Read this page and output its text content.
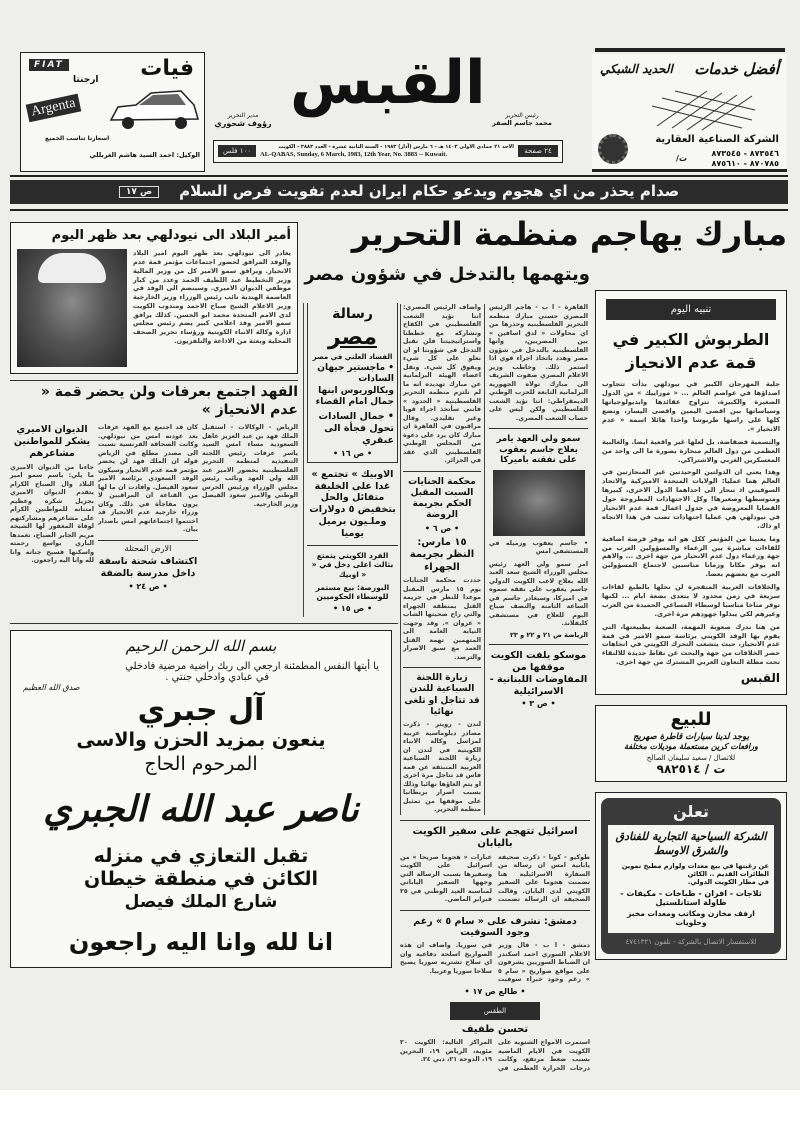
أفضل خدمات
الحديد الشبكي
الشركة الصناعية العقارية
٨٧٣٥٤٦ - ٨٧٣٥٤٥
٨٧٠٧٨٥ - ٨٧٥٦١٠
ت/
القبس	رئيس التحرير
محمد جاسم الصقر
مدير التحرير
رؤوف شحوري
١٠٠ فلس
الاحد ٢١ جمادى الاولى ١٤٠٣ هـ - ٦ مارس (آذار) ١٩٨٣ - السنة الثانية عشرة - العدد ٣٨٨٣ - الكويت
AL-QABAS, Sunday, 6 March, 1983, 12th Year, No. 3883 -- Kuwait.	٢٤ صفحة
فيات
FIAT
ارجنتا
Argenta
اسعارنا تناسب الجميع
الوكيل: احمد السيد هاشم الغربللي
صدام يحذر من اي هجوم ويدعو حكام ايران لعدم تفويت فرص السلام
ص ١٧
مبارك يهاجم منظمة التحرير
ويتهمها بالتدخل في شؤون مصر
أمير البلاد الى نيودلهي بعد ظهر اليوم
يغادر الى نيودلهي بعد ظهر اليوم امير البلاد والوفد المرافق لحضور اجتماعات مؤتمر قمة عدم الانحياز. ويرافق سمو الامير كل من وزير المالية وزير التخطيط عبد اللطيف الحمد وعدد من كبار موظفي الديوان الاميري. وسينضم الى الوفد في العاصمة الهندية نائب رئيس الوزراء وزير الخارجية وزير الاعلام الشيخ صباح الاحمد ومندوب الكويت لدى الامم المتحدة محمد ابو الحسن. كذلك يرافق سمو الامير وفد اعلامي كبير يضم رئيس مجلس ادارة وكالة الانباء الكويتية ورؤساء تحرير الصحف المحلية وبعثة من الاذاعة والتلفزيون.
الفهد اجتمع بعرفات ولن يحضر قمة « عدم الانحياز »
الرياض - الوكالات - استقبل الملك فهد بن عبد العزيز عاهل السعودية مساء امس السيد ياسر عرفات رئيس اللجنة التنفيذية لمنظمة التحرير الفلسطينية بحضور الامير عبد الله ولي العهد ونائب رئيس مجلس الوزراء ورئيس الحرس الوطني والامير سعود الفيصل وزير الخارجية.
كان قد اجتمع مع الفهد عرفات بعد عودته امس من نيودلهي. وكانت الصحافة الفرنسية نسبت الى مصدر مطلع في الرياض قوله ان الملك فهد لن يحضر مؤتمر قمة عدم الانحياز وسيكون الوفد السعودي برئاسة الامير سعود الفيصل. وافادت ان ما لها من القناعة ان المراقبين لا يرون مفاجأة في ذلك. وكان وزراء خارجية عدم الانحياز قد اختتموا اجتماعاتهم امس باصدار بيان.
الارض المحتلة
اكتشاف شحنة ناسفة داخل مدرسة بالضفة
• ص ٢٤ •
الديوان الاميري يشكر للمواطنين مشاعرهم
جاءنا من الديوان الاميري ما يلي: باسم سمو امير البلاد وال الصباح الكرام يتقدم الديوان الاميري بجزيل شكره وعظيم امتنانه للمواطنين الكرام على مشاعرهم ومشاركتهم لوفاة المغفور لها الشيخة مريم الجابر الصباح، تغمدها الباري بواسع رحمته واسكنها فسيح جناته وانا لله وانا اليه راجعون.
رسالة
مصر
الفساد العلني في مصر
• ماجستير جيهان السادات وبكالوريوس ابنها جمال امام القضاء
• جمال السادات تحول فجأة الى عبقري
• ص ١٦ •
« الاوبيك » تجتمع غدا على الخليفة متفائل والحل بتخفيض ٥ دولارات وملـيون برميل يوميا
الفرد الكويتي يتمتع بثالث اعلى دخل في « اوبيك »
البورصة: بيع مستمر للوسطاء الحكوميين
• ص ١٥ •
بسم الله الرحمن الرحيم
يا أيتها النفس المطمئنة ارجعي الى ربك راضية مرضية فادخلي
في عبادي وادخلي جنتي .
صدق الله العظيم
آل جبري
ينعون بمزيد الحزن والاسى
المرحوم الحاج
ناصر عبد الله الجبري
تقبل التعازي في منزله
الكائن في منطقة خيطان
شارع الملك فيصل
انا لله وانا اليه راجعون
القاهرة - ا ب - هاجم الرئيس المصري حسني مبارك منظمة التحرير الفلسطينية وحذرها من اي محاولات « لدق اسافين » بين المصريين، وانها الفلسطينية بالتدخل في شؤون مصر وهدد باتخاذ اجراء قوي اذا استمر ذلك. وخاطب وزير الاعلام المصري صفوت الشريف الى مبارك تولاه الجهورية البرلمانية التابعة للحزب الوطني الديمقراطي: اننا نؤيد الشعب الفلسطيني ولكن ليس على حساب الشعب المصري.
سمو ولي العهد يامر بعلاج جاسم يعقوب على نفقته باميركا
• جاسم يعقوب وزميله في المستشفى امس
امر سمو ولي العهد رئيس مجلس الوزراء الشيخ سعد العبد الله بعلاج لاعب الكويت الدولي جاسم يعقوب على نفقة سموه في اميركا، وسيغادر جاسم في الساعة الثامنة والنصف صباح اليوم للعلاج في مستشفى كليفلاند.
الرياضة ص ٢١ و ٢٢ و ٢٣
موسكو يلفت الكويت موقفها من المفاوضات اللبنانية - الاسرائيلية
• ص ٣ •
واضاف الرئيس المصري: اننا نؤيد الشعب الفلسطيني في الكفاح ونشاركه مع خططنا واستراتيجيتنا فلن نقبل التدخل في شؤوننا او ان نعلو على كل شيء ويفوق كل شيء. ونقل اعضاء الهيئة البرلمانية عن مبارك تهديده انه ما لم تلتزم منظمة التحرير الفلسطينية « الحدود » فانني سأتخذ اجراء قويا وغير تقليدي. وقال مراقبون في القاهرة ان مبارك كان يرد على دعوة من المجلس الوطني الفلسطيني الذي عقد في الجزائر.
محكمة الجنايات السبت المقبل الحكم بجريمة الروضة
• ص ٦ •
١٥ مارس: النظر بجريمة الجهراء
حددت محكمة الجنايات يوم ١٥ مارس المقبل موعدا للنظر في جريمة القتل بمنطقة الجهراء والتي راح ضحيتها الشاب « غزوان ». وقد وجهت النيابة العامة الى المتهمين تهمة القتل العمد مع سبق الاصرار والترصد.
زيارة اللجنة السباعية للندن قد تتاجل او تلغى نهائيا
لندن - رويتر - ذكرت مصادر دبلوماسية عربية لمراسل وكالة الانباء الكويتية في لندن ان زيارة اللجنة السباعية العربية المنبثقة عن قمة فاس قد تتاجل مرة اخرى او يتم الغاؤها نهائيا وذلك بسبب اصرار بريطانيا على موقفها من تمثيل منظمة التحرير.
اسرائيل تتهجم على سفير الكويت باليابان
طوكيو - كونا - ذكرت صحيفة يابانية امس ان رسالة من السفارة الاسرائيلية هنا تضمنت هجوما على السفير الكويتي لدى اليابان. وقالت الصحيفة ان الرسالة تضمنت عبارات « هجوما صريحا » من اسرائيل على الكويت وسفيرها بسبب الرسالة التي وجهها السفير الياباني لمناسبة العيد الوطني في ٢٥ فبراير الماضي.
دمشق: نشرف على « سام ٥ » رغم وجود السوفيت
دمشق - ا ب - قال وزير الاعلام السوري احمد اسكندر ان الضباط السوريين يشرفون على مواقع صواريخ « سام ٥ » رغم وجود خبراء سوفيت في سوريا. واضاف ان هذه الصواريخ اسلحة دفاعية وان اي سلاح تشتريه سوريا يصبح سلاحا سوريا وعربيا.
• طالع ص ١٧ •
الطقس
تحسن طفيف
استمرت الامواج الشتوية على الكويت في الايام الماضية بسبب ضغط مرتفع، وكانت درجات الحرارة العظمى في المراكز التالية: الكويت ٢٠ مئوية، الرياض ١٩، البحرين ١٩، الدوحة ٢١، دبي ٢٤.
تنبيه اليوم
الطربوش الكبير في قمة عدم الانحياز

جلبة المهرجان الكبير في نيودلهي بدأت تتجاوب اصداؤها في عواصم العالم ... « موزاييك » من الدول الصغيرة والكبيرة، تتراوح عقائدها وايديولوجياتها وسياساتها بين اقصى اليمين واقصى اليسار، وتضع كلها على راسها طربوشا واحدا هائلا اسمه « عدم الانحياز ».

والتسمية فضفاضة، بل لعلها غير واقعية ايضا. والغالبية العظمى من دول العالم منحازة بصورة ما الى واحد من المعسكرين الغربي والاشتراكي.

وهذا يعني ان الدولتين الوحيدتين غير المنحازتين في العالم هما عمليا: الولايات المتحدة الاميركية والاتحاد السوفيتي اذ تنحاز الى احداهما الدول الاخرى، كبيرها ومتوسطها وصغيرها! وكل الاجتهادات المطروحة حول القضايا المعروضة في جدول اعمال قمة عدم الانحياز في نيودلهي هي عمليا اجتهادات تصب في هذا الاتجاه او ذاك.

وما يعنينا من المؤتمر ككل هو انه يوفر فرصة اضافية للقاءات مباشرة بين الزعماء والمسؤولين العرب من جهة وزعماء دول عدم الانحياز من جهة اخرى ... والاهم انه يوفر مكانا وزمانا مناسبين لاجتماع المسؤولين العرب مع بعضهم بعضا.

والخلافات العربية المتفجرة لن تحلها بالطبع لقاءات سريعة في زمن محدود لا يتعدى بضعة ايام ... لكنها توفر مناخا مناسبا لوسطاء المساعي الحميدة من العرب وغيرهم لكي يبذلوا جهودهم مرة اخرى.

من هنا ندرك صعوبة المهمة، الصعبة بطبيعتها، التي يقوم بها الوفد الكويتي برئاسة سمو الامير في قمة عدم الانحياز، حيث يتشعب التحرك الكويتي في اتجاهات حصر الخلافات من جهة والبحث عن نقاط جديدة للالتقاء تحت مظلة التعاون العربي المشترك من جهة اخرى.

القبس
للبيع
يوجد لدينا سيارات قاطرة صهريج
ورافعات كرين مستعملة موديلات مختلفة
للاتصال / سعيد سليمان الصالح
ت / ٩٨٢٥١٤
تعلن
الشركة السياحية التجارية للفنادق والشرق الاوسط
عن رغبتها في بيع معدات ولوازم مطبخ تموين الطائرات القديم .. الكائن
في مطار الكويت الدولي.
ثلاجات - افران - طباخات - مكيفات - طاولة استانلستيل
ارفف مخازن ومكاتب ومعدات مخبز وحلويات
للاستفسار الاتصال بالشركة - تلفون ٤٧٤١٣٢١
